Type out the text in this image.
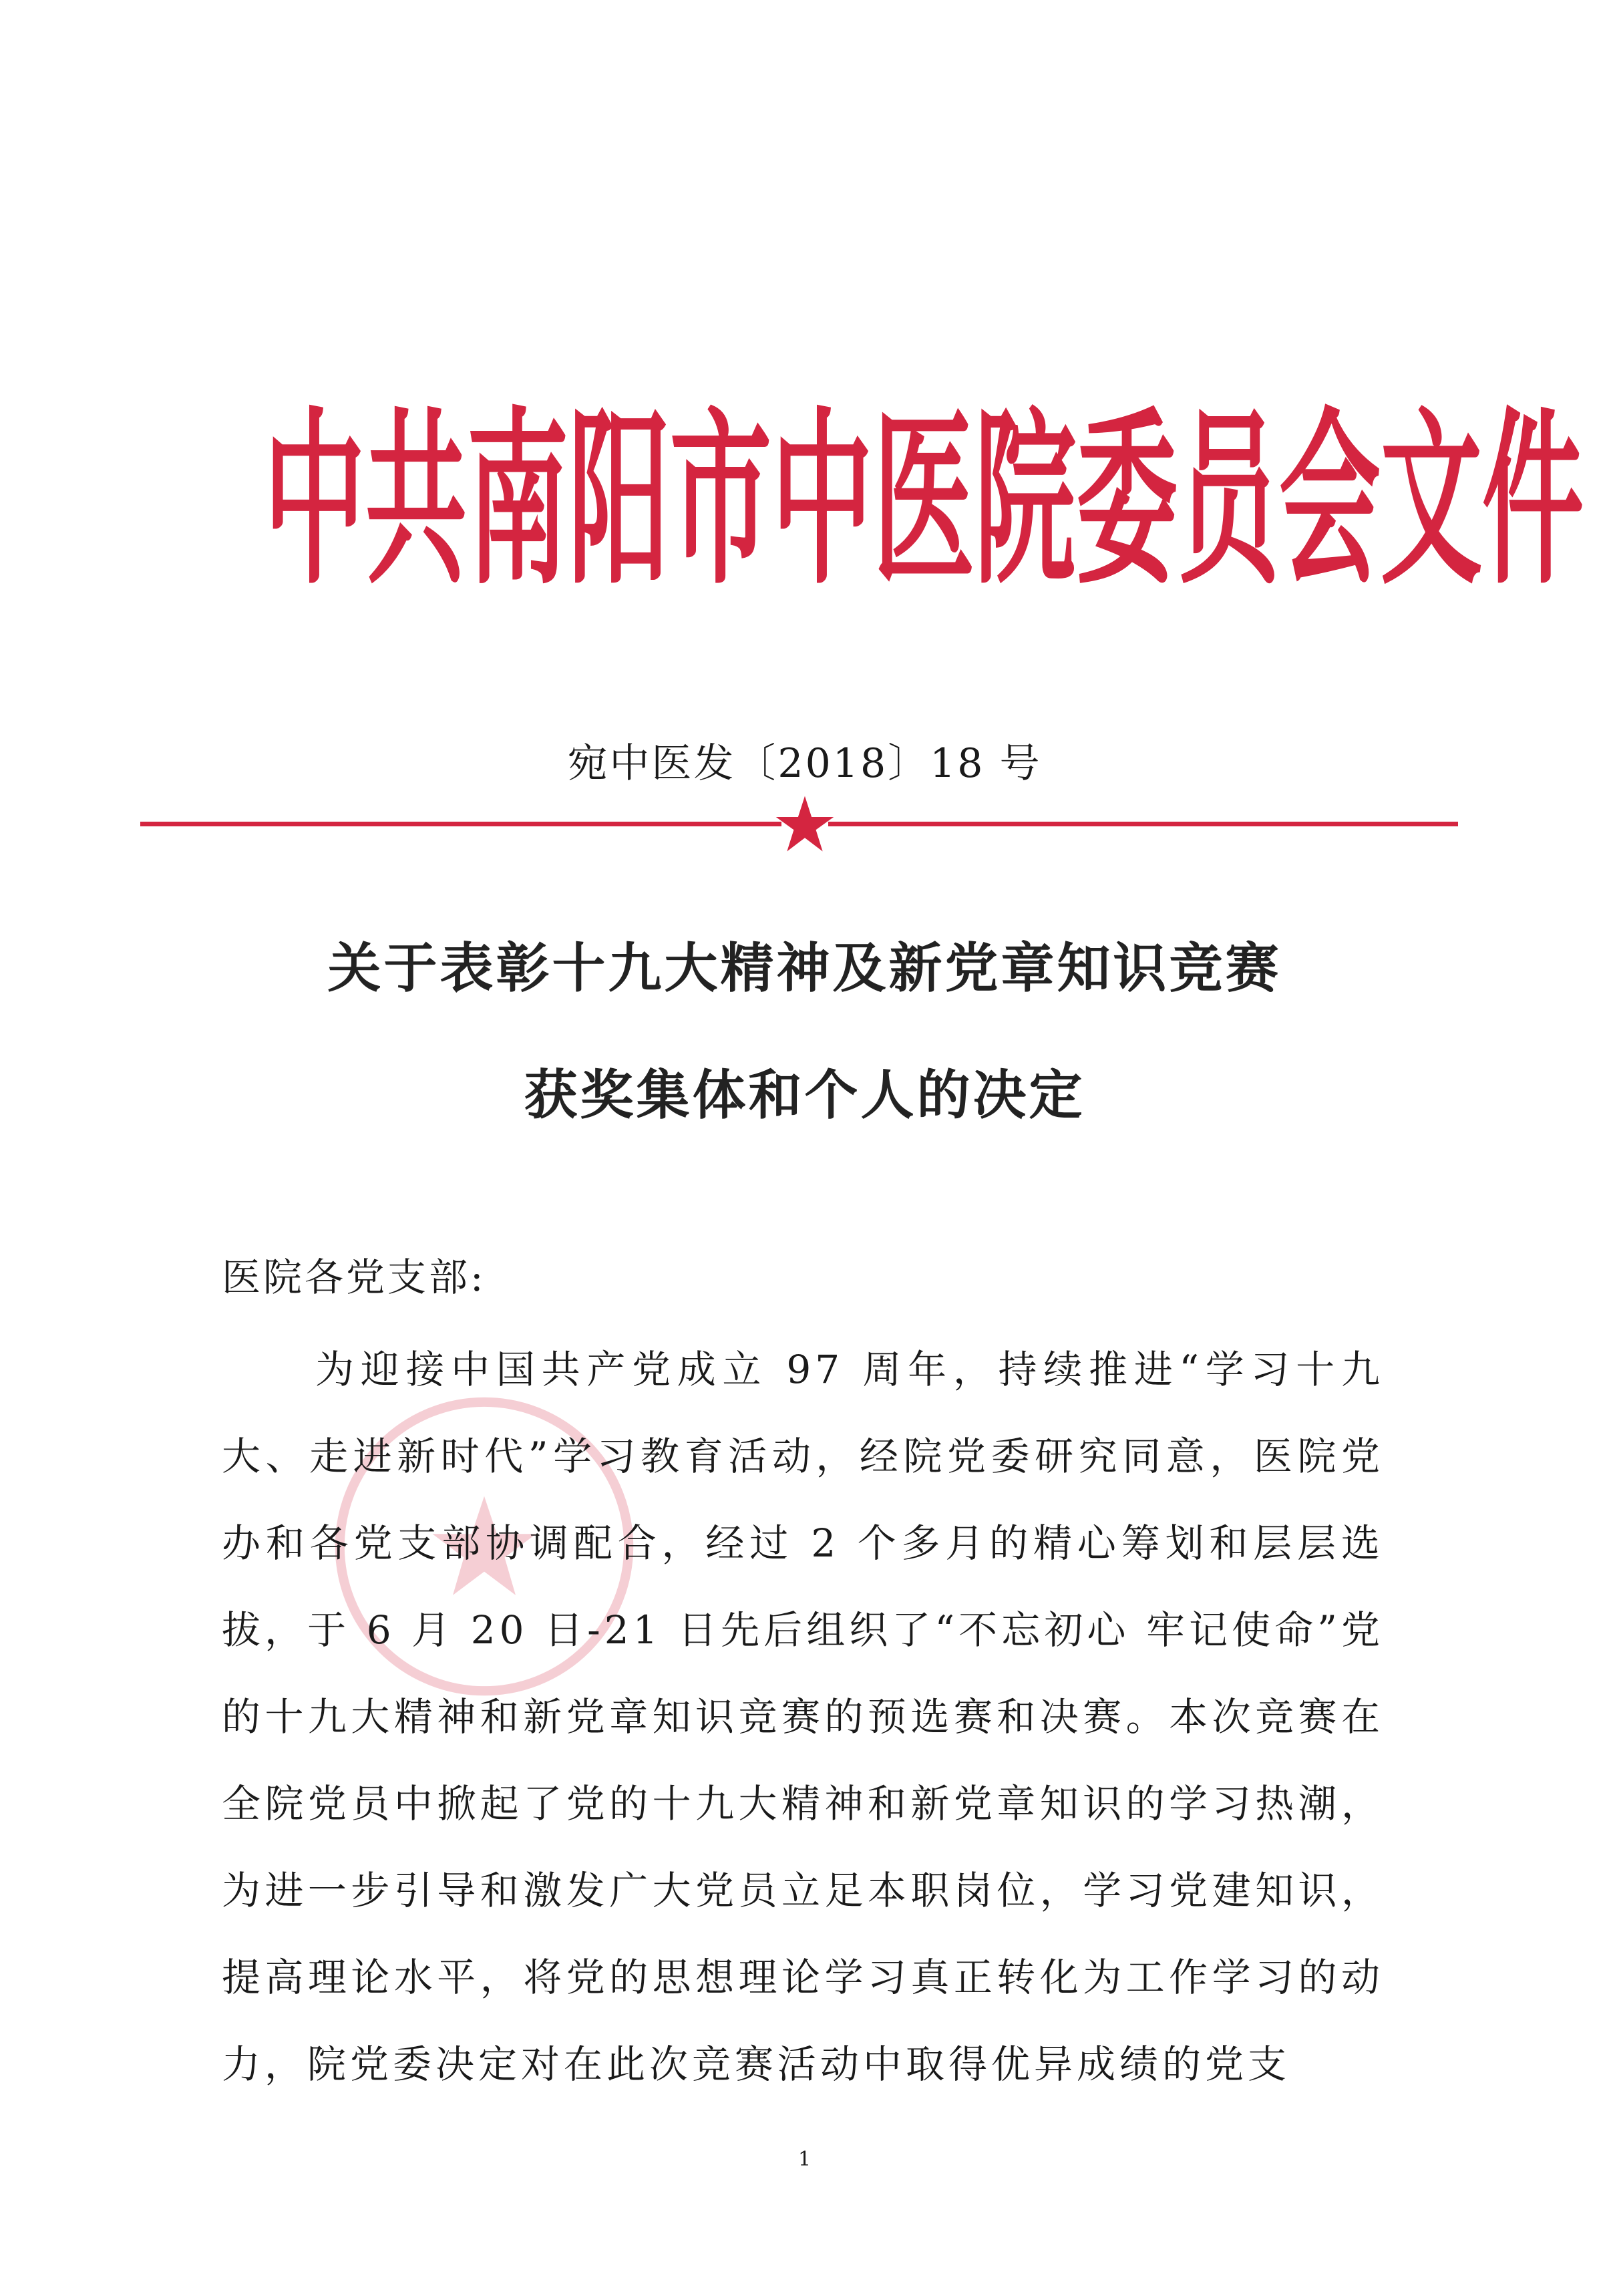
中 共 南 阳 市 中 医 院 委 员 会 文 件
宛中医发〔2018〕18 号
关于表彰十九大精神及新党章知识竞赛
获奖集体和个人的决定
医院各党支部:

为迎接中国共产党成立 97 周年，持续推进“学习十九大、走进新时代”学习教育活动，经院党委研究同意，医院党办和各党支部协调配合，经过 2 个多月的精心筹划和层层选拔，于 6 月 20 日-21 日先后组织了“不忘初心 牢记使命”党的十九大精神和新党章知识竞赛的预选赛和决赛。本次竞赛在全院党员中掀起了党的十九大精神和新党章知识的学习热潮，为进一步引导和激发广大党员立足本职岗位，学习党建知识，提高理论水平，将党的思想理论学习真正转化为工作学习的动力，院党委决定对在此次竞赛活动中取得优异成绩的党支

1
